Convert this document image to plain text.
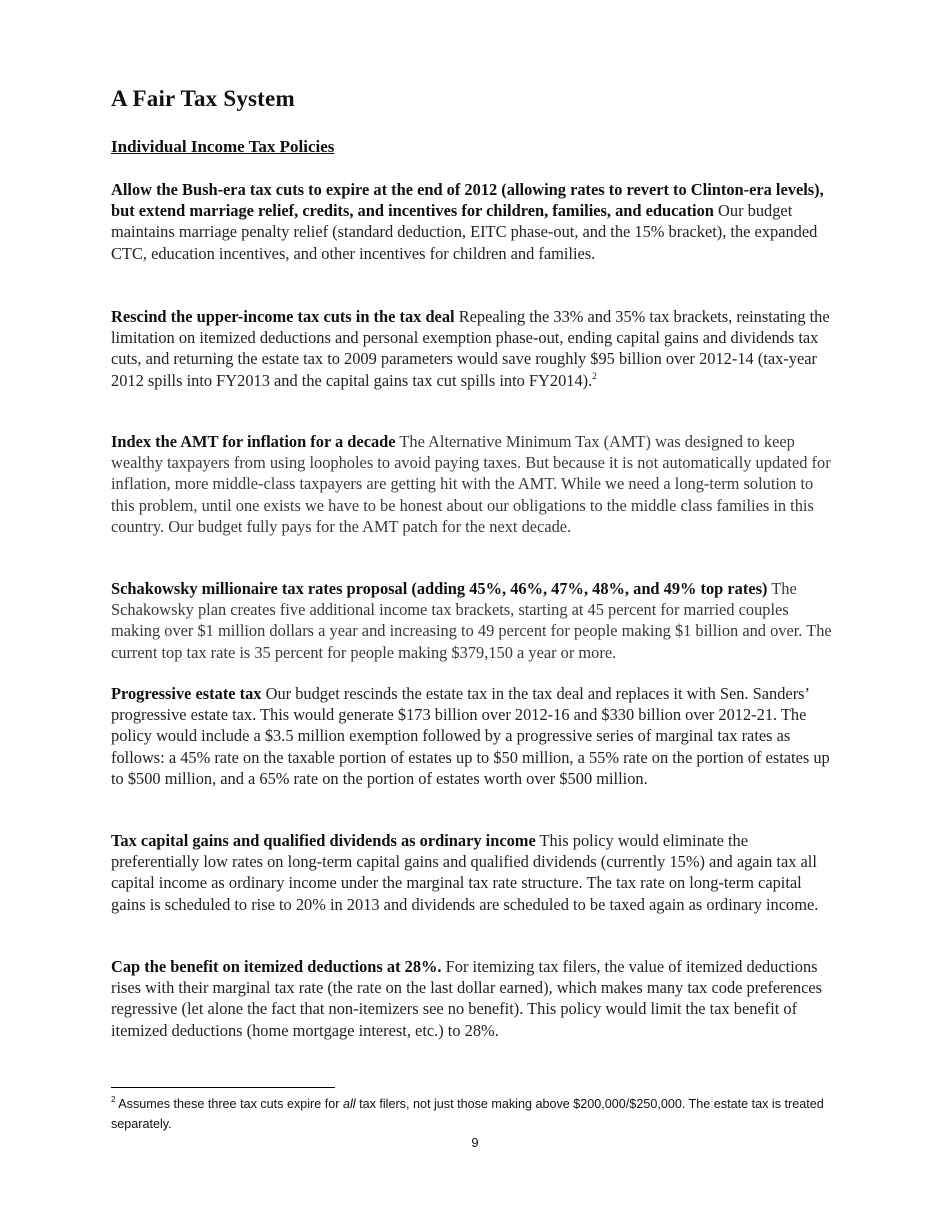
A Fair Tax System
Individual Income Tax Policies
Allow the Bush-era tax cuts to expire at the end of 2012 (allowing rates to revert to Clinton-era levels), but extend marriage relief, credits, and incentives for children, families, and education Our budget maintains marriage penalty relief (standard deduction, EITC phase-out, and the 15% bracket), the expanded CTC, education incentives, and other incentives for children and families.
Rescind the upper-income tax cuts in the tax deal Repealing the 33% and 35% tax brackets, reinstating the limitation on itemized deductions and personal exemption phase-out, ending capital gains and dividends tax cuts, and returning the estate tax to 2009 parameters would save roughly $95 billion over 2012-14 (tax-year 2012 spills into FY2013 and the capital gains tax cut spills into FY2014).$^2$
Index the AMT for inflation for a decade The Alternative Minimum Tax (AMT) was designed to keep wealthy taxpayers from using loopholes to avoid paying taxes. But because it is not automatically updated for inflation, more middle-class taxpayers are getting hit with the AMT. While we need a long-term solution to this problem, until one exists we have to be honest about our obligations to the middle class families in this country. Our budget fully pays for the AMT patch for the next decade.
Schakowsky millionaire tax rates proposal (adding 45%, 46%, 47%, 48%, and 49% top rates) The Schakowsky plan creates five additional income tax brackets, starting at 45 percent for married couples making over $1 million dollars a year and increasing to 49 percent for people making $1 billion and over. The current top tax rate is 35 percent for people making $379,150 a year or more.
Progressive estate tax Our budget rescinds the estate tax in the tax deal and replaces it with Sen. Sanders’ progressive estate tax. This would generate $173 billion over 2012-16 and $330 billion over 2012-21. The policy would include a $3.5 million exemption followed by a progressive series of marginal tax rates as follows: a 45% rate on the taxable portion of estates up to $50 million, a 55% rate on the portion of estates up to $500 million, and a 65% rate on the portion of estates worth over $500 million.
Tax capital gains and qualified dividends as ordinary income This policy would eliminate the preferentially low rates on long-term capital gains and qualified dividends (currently 15%) and again tax all capital income as ordinary income under the marginal tax rate structure. The tax rate on long-term capital gains is scheduled to rise to 20% in 2013 and dividends are scheduled to be taxed again as ordinary income.
Cap the benefit on itemized deductions at 28%. For itemizing tax filers, the value of itemized deductions rises with their marginal tax rate (the rate on the last dollar earned), which makes many tax code preferences regressive (let alone the fact that non-itemizers see no benefit). This policy would limit the tax benefit of itemized deductions (home mortgage interest, etc.) to 28%.
$^2$ Assumes these three tax cuts expire for all tax filers, not just those making above $200,000/$250,000. The estate tax is treated separately.
9
